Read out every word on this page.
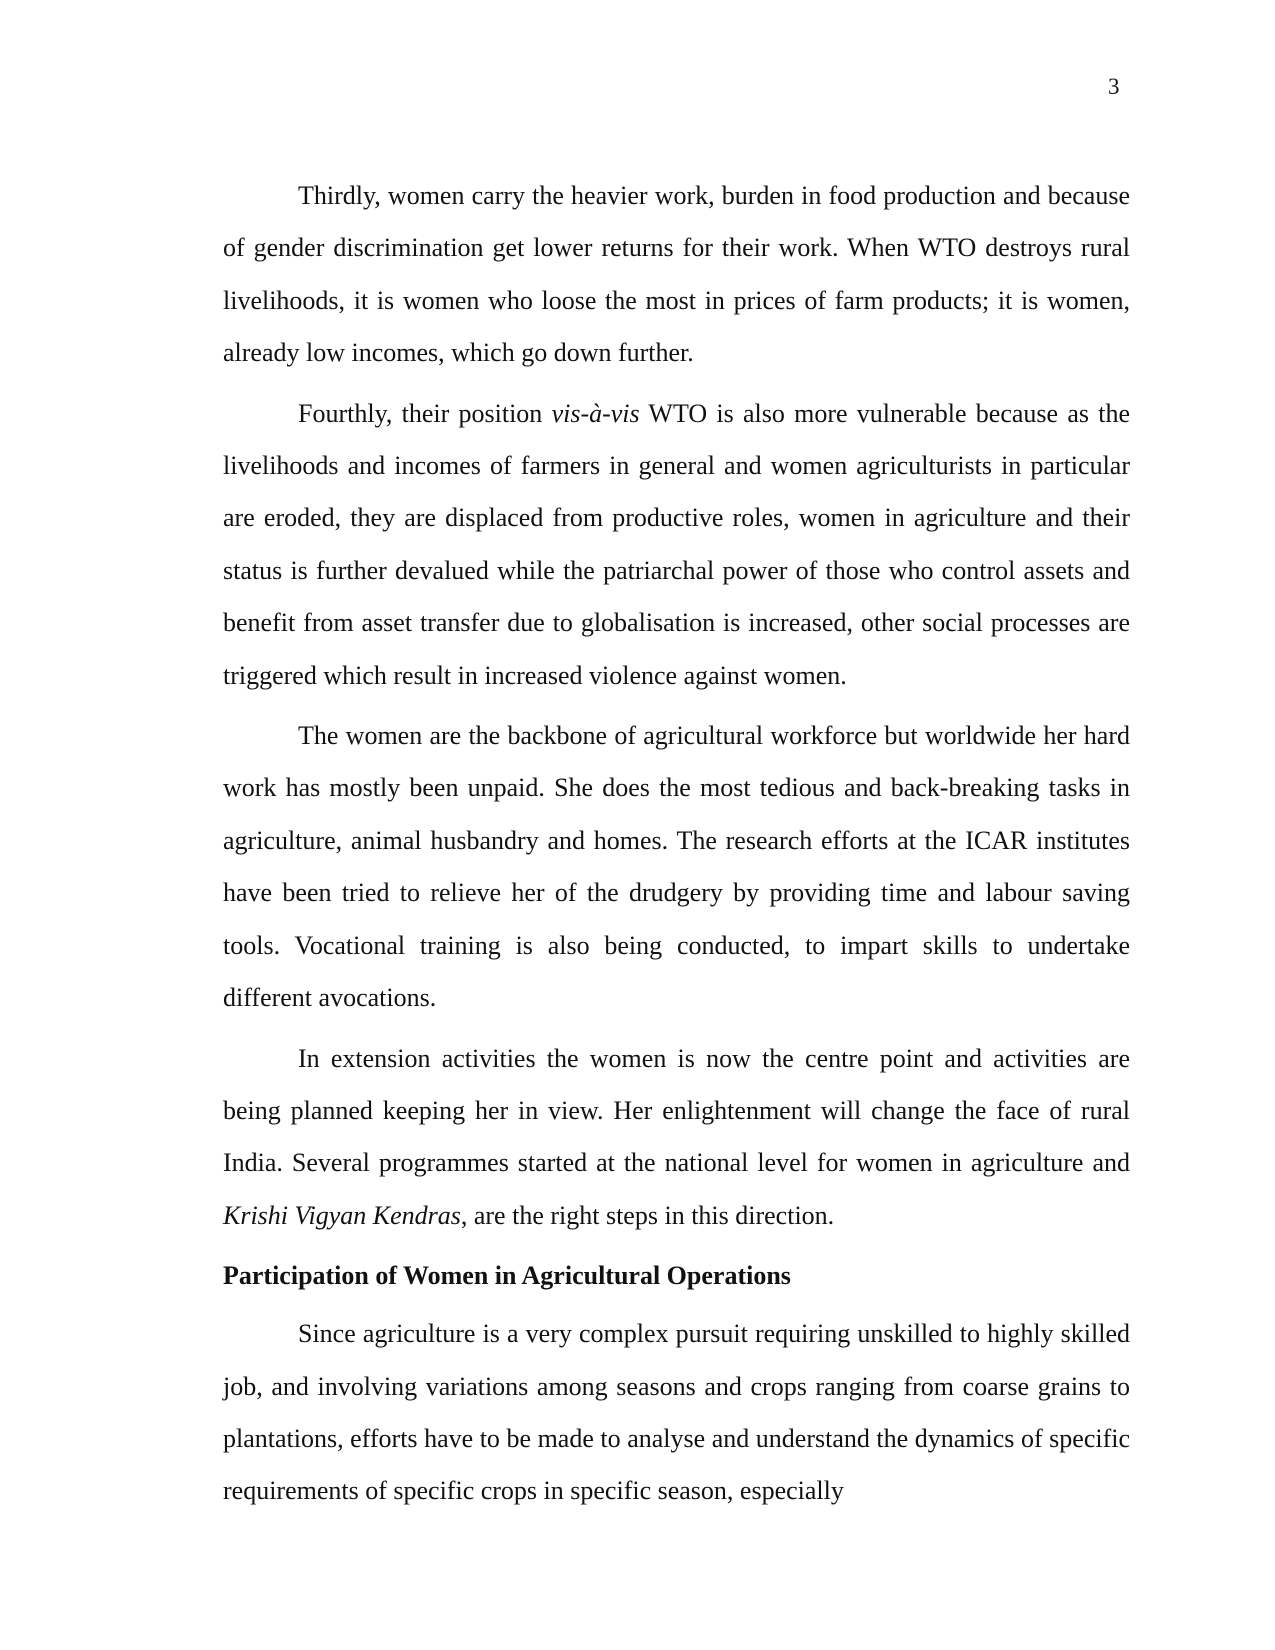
3

Thirdly, women carry the heavier work, burden in food production and because of gender discrimination get lower returns for their work. When WTO destroys rural livelihoods, it is women who loose the most in prices of farm products; it is women, already low incomes, which go down further.

Fourthly, their position vis-à-vis WTO is also more vulnerable because as the livelihoods and incomes of farmers in general and women agriculturists in particular are eroded, they are displaced from productive roles, women in agriculture and their status is further devalued while the patriarchal power of those who control assets and benefit from asset transfer due to globalisation is increased, other social processes are triggered which result in increased violence against women.

The women are the backbone of agricultural workforce but worldwide her hard work has mostly been unpaid. She does the most tedious and back-breaking tasks in agriculture, animal husbandry and homes. The research efforts at the ICAR institutes have been tried to relieve her of the drudgery by providing time and labour saving tools. Vocational training is also being conducted, to impart skills to undertake different avocations.

In extension activities the women is now the centre point and activities are being planned keeping her in view. Her enlightenment will change the face of rural India. Several programmes started at the national level for women in agriculture and Krishi Vigyan Kendras, are the right steps in this direction.

Participation of Women in Agricultural Operations

Since agriculture is a very complex pursuit requiring unskilled to highly skilled job, and involving variations among seasons and crops ranging from coarse grains to plantations, efforts have to be made to analyse and understand the dynamics of specific requirements of specific crops in specific season, especially
